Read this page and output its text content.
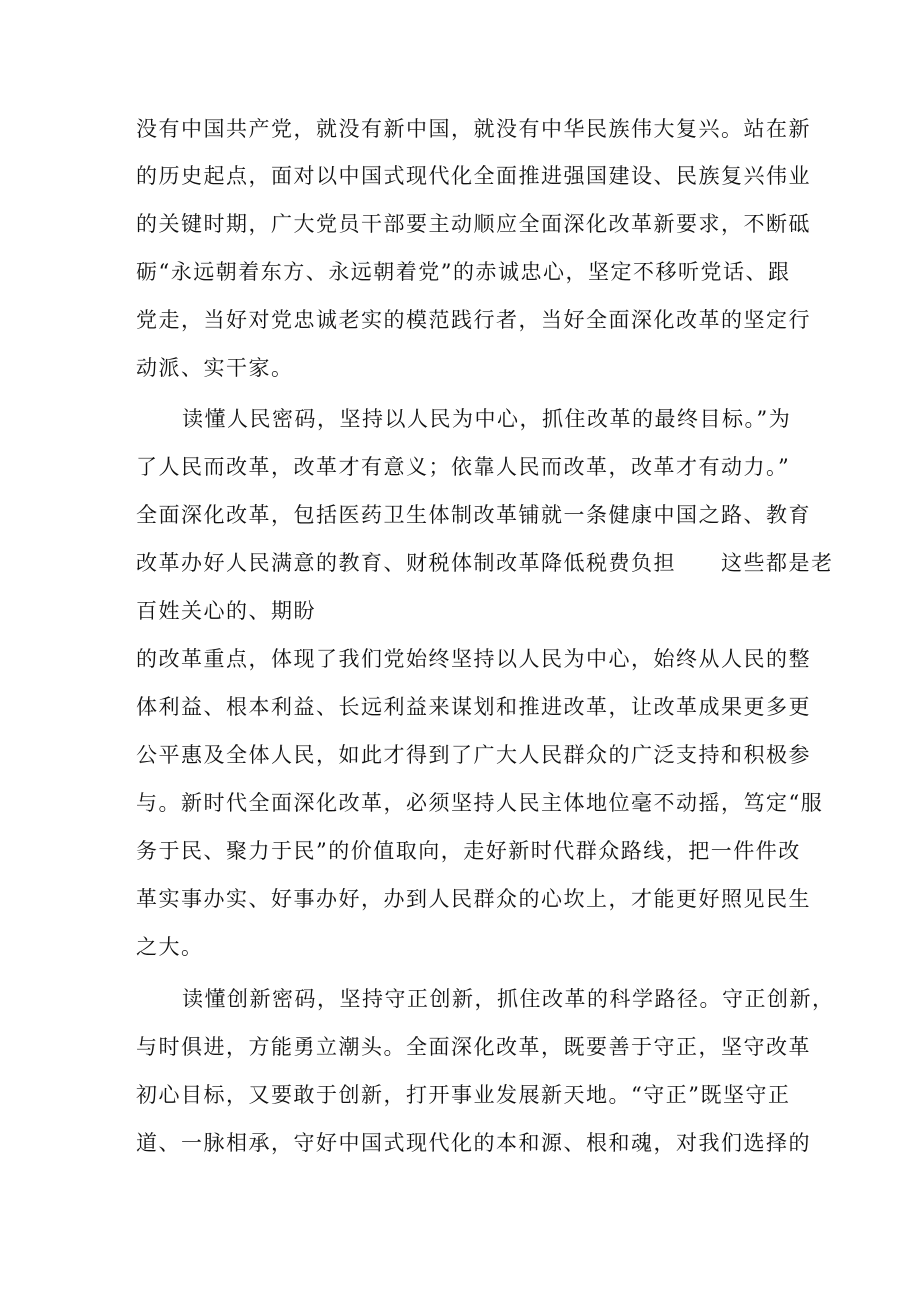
没有中国共产党，就没有新中国，就没有中华民族伟大复兴。站在新
的历史起点，面对以中国式现代化全面推进强国建设、民族复兴伟业
的关键时期，广大党员干部要主动顺应全面深化改革新要求，不断砥
砺“永远朝着东方、永远朝着党”的赤诚忠心，坚定不移听党话、跟
党走，当好对党忠诚老实的模范践行者，当好全面深化改革的坚定行
动派、实干家。
读懂人民密码，坚持以人民为中心，抓住改革的最终目标。”为
了人民而改革，改革才有意义；依靠人民而改革，改革才有动力。”
全面深化改革，包括医药卫生体制改革铺就一条健康中国之路、教育
改革办好人民满意的教育、财税体制改革降低税费负担　　这些都是老
百姓关心的、期盼
的改革重点，体现了我们党始终坚持以人民为中心，始终从人民的整
体利益、根本利益、长远利益来谋划和推进改革，让改革成果更多更
公平惠及全体人民，如此才得到了广大人民群众的广泛支持和积极参
与。新时代全面深化改革，必须坚持人民主体地位毫不动摇，笃定“服
务于民、聚力于民”的价值取向，走好新时代群众路线，把一件件改
革实事办实、好事办好，办到人民群众的心坎上，才能更好照见民生
之大。
读懂创新密码，坚持守正创新，抓住改革的科学路径。守正创新，
与时俱进，方能勇立潮头。全面深化改革，既要善于守正，坚守改革
初心目标，又要敢于创新，打开事业发展新天地。“守正”既坚守正
道、一脉相承，守好中国式现代化的本和源、根和魂，对我们选择的
